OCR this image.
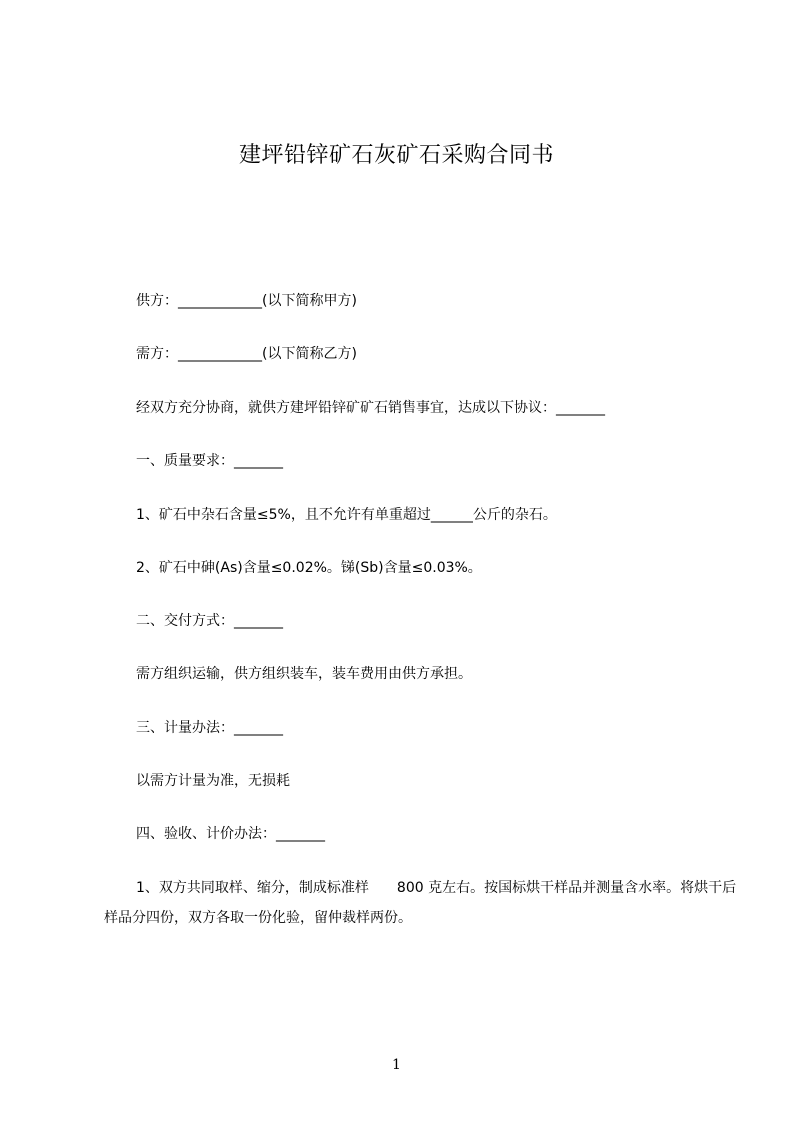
建坪铅锌矿石灰矿石采购合同书
供方：____________(以下简称甲方)
需方：____________(以下简称乙方)
经双方充分协商，就供方建坪铅锌矿矿石销售事宜，达成以下协议：_______
一、质量要求：_______
1、矿石中杂石含量≤5%，且不允许有单重超过______公斤的杂石。
2、矿石中砷(As)含量≤0.02%。锑(Sb)含量≤0.03%。
二、交付方式：_______
需方组织运输，供方组织装车，装车费用由供方承担。
三、计量办法：_______
以需方计量为准，无损耗
四、验收、计价办法：_______
1、双方共同取样、缩分，制成标准样　　800 克左右。按国标烘干样品并测量含水率。将烘干后样品分四份，双方各取一份化验，留仲裁样两份。
1
